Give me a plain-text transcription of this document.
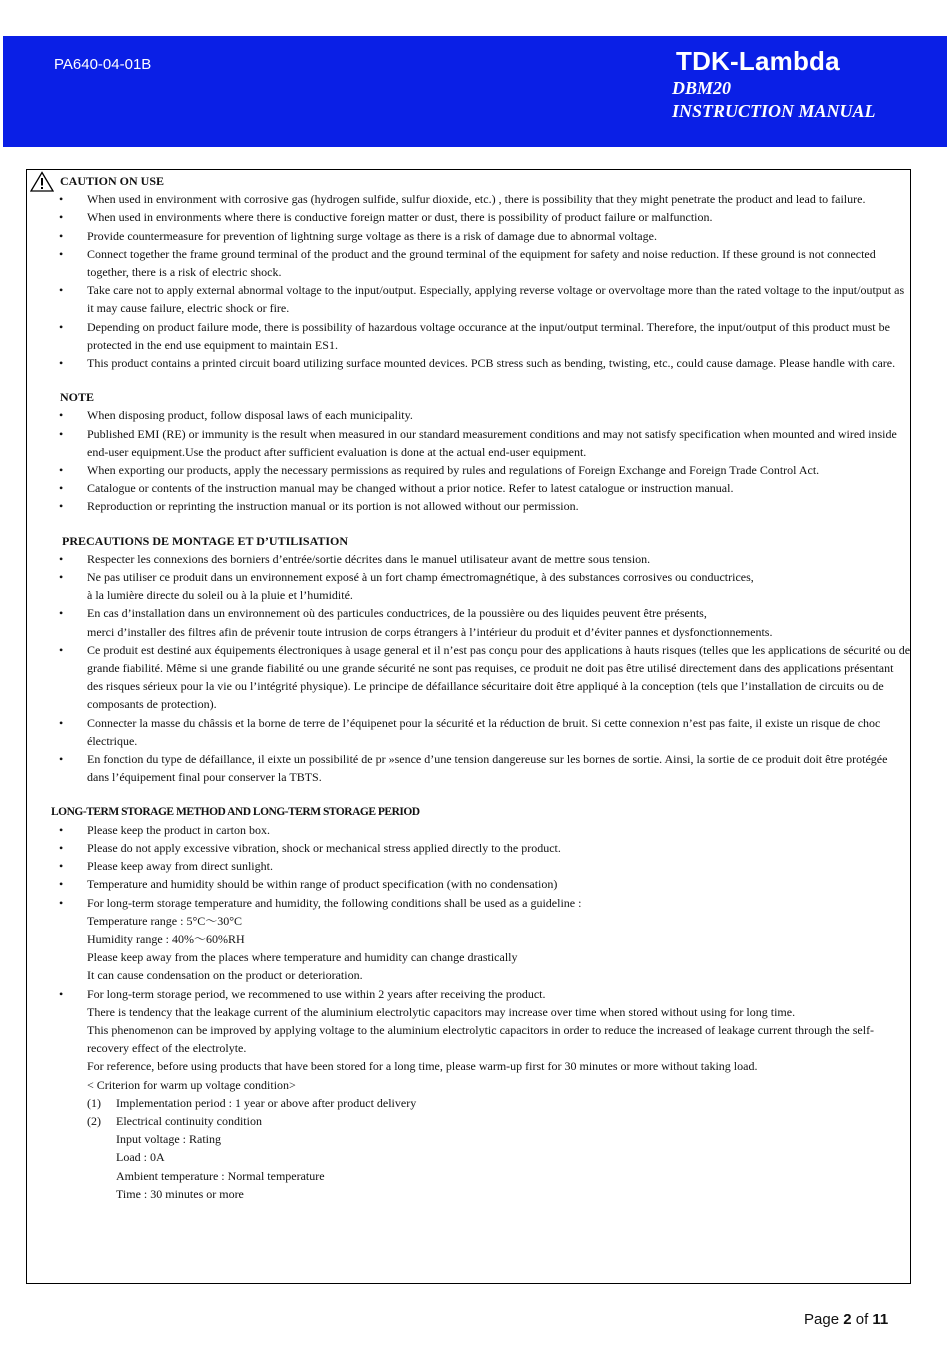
PA640-04-01B	TDK-Lambda
DBM20
INSTRUCTION MANUAL
CAUTION ON USE
• When used in environment with corrosive gas (hydrogen sulfide, sulfur dioxide, etc.) , there is possibility that they might penetrate the product and lead to failure.
• When used in environments where there is conductive foreign matter or dust, there is possibility of product failure or malfunction.
• Provide countermeasure for prevention of lightning surge voltage as there is a risk of damage due to abnormal voltage.
• Connect together the frame ground terminal of the product and the ground terminal of the equipment for safety and noise reduction. If these ground is not connected together, there is a risk of electric shock.
• Take care not to apply external abnormal voltage to the input/output. Especially, applying reverse voltage or overvoltage more than the rated voltage to the input/output as it may cause failure, electric shock or fire.
• Depending on product failure mode, there is possibility of hazardous voltage occurance at the input/output terminal. Therefore, the input/output of this product must be protected in the end use equipment to maintain ES1.
• This product contains a printed circuit board utilizing surface mounted devices. PCB stress such as bending, twisting, etc., could cause damage. Please handle with care.
NOTE
• When disposing product, follow disposal laws of each municipality.
• Published EMI (RE) or immunity is the result when measured in our standard measurement conditions and may not satisfy specification when mounted and wired inside end-user equipment.Use the product after sufficient evaluation is done at the actual end-user equipment.
• When exporting our products, apply the necessary permissions as required by rules and regulations of Foreign Exchange and Foreign Trade Control Act.
• Catalogue or contents of the instruction manual may be changed without a prior notice. Refer to latest catalogue or instruction manual.
• Reproduction or reprinting the instruction manual or its portion is not allowed without our permission.
PRECAUTIONS DE MONTAGE ET D’UTILISATION
• Respecter les connexions des borniers d’entrée/sortie décrites dans le manuel utilisateur avant de mettre sous tension.
• Ne pas utiliser ce produit dans un environnement exposé à un fort champ émectromagnétique, à des substances corrosives ou conductrices,
à la lumière directe du soleil ou à la pluie et l’humidité.
• En cas d’installation dans un environnement où des particules conductrices, de la poussière ou des liquides peuvent être présents,
merci d’installer des filtres afin de prévenir toute intrusion de corps étrangers à l’intérieur du produit et d’éviter pannes et dysfonctionnements.
• Ce produit est destiné aux équipements électroniques à usage general et il n’est pas conçu pour des applications à hauts risques (telles que les applications de sécurité ou de grande fiabilité. Même si une grande fiabilité ou une grande sécurité ne sont pas requises, ce produit ne doit pas être utilisé directement dans des applications présentant des risques sérieux pour la vie ou l’intégrité physique). Le principe de défaillance sécuritaire doit être appliqué à la conception (tels que l’installation de circuits ou de composants de protection).
• Connecter la masse du châssis et la borne de terre de l’équipenet pour la sécurité et la réduction de bruit. Si cette connexion n’est pas faite, il existe un risque de choc électrique.
• En fonction du type de défaillance, il eixte un possibilité de pr »sence d’une tension dangereuse sur les bornes de sortie. Ainsi, la sortie de ce produit doit être protégée dans l’équipement final pour conserver la TBTS.
LONG-TERM STORAGE METHOD AND LONG-TERM STORAGE PERIOD
• Please keep the product in carton box.
• Please do not apply excessive vibration, shock or mechanical stress applied directly to the product.
• Please keep away from direct sunlight.
• Temperature and humidity should be within range of product specification (with no condensation)
• For long-term storage temperature and humidity, the following conditions shall be used as a guideline :
Temperature range : 5°C～30°C
Humidity range : 40%～60%RH
Please keep away from the places where temperature and humidity can change drastically
It can cause condensation on the product or deterioration.
• For long-term storage period, we recommened to use within 2 years after receiving the product.
There is tendency that the leakage current of the aluminium electrolytic capacitors may increase over time when stored without using for long time.
This phenomenon can be improved by applying voltage to the aluminium electrolytic capacitors in order to reduce the increased of leakage current through the self-recovery effect of the electrolyte.
For reference, before using products that have been stored for a long time, please warm-up first for 30 minutes or more without taking load.
< Criterion for warm up voltage condition>
(1) Implementation period : 1 year or above after product delivery
(2) Electrical continuity condition
Input voltage : Rating
Load : 0A
Ambient temperature : Normal temperature
Time : 30 minutes or more
Page 2 of 11
